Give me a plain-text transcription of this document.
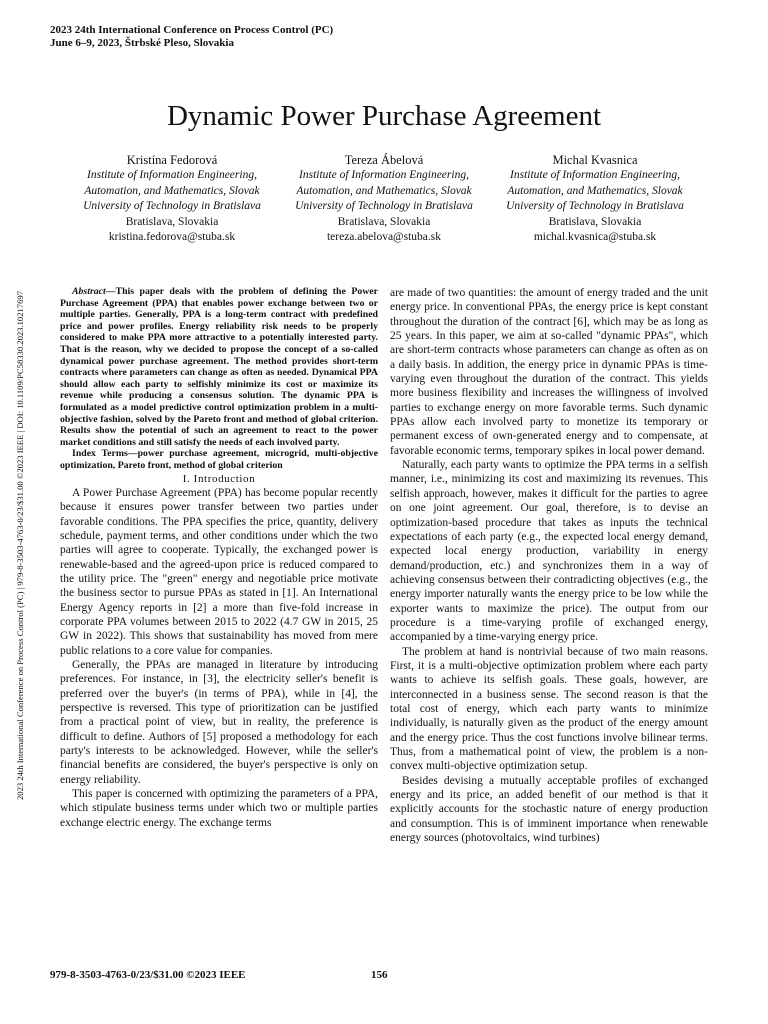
2023 24th International Conference on Process Control (PC)
June 6–9, 2023, Štrbské Pleso, Slovakia
2023 24th International Conference on Process Control (PC) | 979-8-3503-4763-0/23/$31.00 ©2023 IEEE | DOI: 10.1109/PC58330.2023.10217697
Dynamic Power Purchase Agreement
Kristína Fedorová
Institute of Information Engineering,
Automation, and Mathematics, Slovak
University of Technology in Bratislava
Bratislava, Slovakia
kristina.fedorova@stuba.sk
Tereza Ábelová
Institute of Information Engineering,
Automation, and Mathematics, Slovak
University of Technology in Bratislava
Bratislava, Slovakia
tereza.abelova@stuba.sk
Michal Kvasnica
Institute of Information Engineering,
Automation, and Mathematics, Slovak
University of Technology in Bratislava
Bratislava, Slovakia
michal.kvasnica@stuba.sk

Abstract—This paper deals with the problem of defining the Power Purchase Agreement (PPA) that enables power exchange between two or multiple parties. Generally, PPA is a long-term contract with predefined price and power profiles. Energy reliability risk needs to be properly considered to make PPA more attractive to a potentially interested party. That is the reason, why we decided to propose the concept of a so-called dynamical power purchase agreement. The method provides short-term contracts where parameters can change as often as needed. Dynamical PPA should allow each party to selfishly minimize its cost or maximize its revenue while producing a consensus solution. The dynamic PPA is formulated as a model predictive control optimization problem in a multi-objective fashion, solved by the Pareto front and method of global criterion. Results show the potential of such an agreement to react to the power market conditions and still satisfy the needs of each involved party.

Index Terms—power purchase agreement, microgrid, multi-objective optimization, Pareto front, method of global criterion

I. Introduction

A Power Purchase Agreement (PPA) has become popular recently because it ensures power transfer between two parties under favorable conditions. The PPA specifies the price, quantity, delivery schedule, payment terms, and other conditions under which the two parties will agree to cooperate. Typically, the exchanged power is renewable-based and the agreed-upon price is reduced compared to the utility price. The "green" energy and negotiable price motivate the business sector to pursue PPAs as stated in [1]. An International Energy Agency reports in [2] a more than five-fold increase in corporate PPA volumes between 2015 to 2022 (4.7 GW in 2015, 25 GW in 2022). This shows that sustainability has moved from mere public relations to a core value for companies.

Generally, the PPAs are managed in literature by introducing preferences. For instance, in [3], the electricity seller's benefit is preferred over the buyer's (in terms of PPA), while in [4], the perspective is reversed. This type of prioritization can be justified from a practical point of view, but in reality, the preference is difficult to define. Authors of [5] proposed a methodology for each party's interests to be acknowledged. However, while the seller's financial benefits are considered, the buyer's perspective is only on energy reliability.

This paper is concerned with optimizing the parameters of a PPA, which stipulate business terms under which two or multiple parties exchange electric energy. The exchange terms

are made of two quantities: the amount of energy traded and the unit energy price. In conventional PPAs, the energy price is kept constant throughout the duration of the contract [6], which may be as long as 25 years. In this paper, we aim at so-called "dynamic PPAs", which are short-term contracts whose parameters can change as often as on a daily basis. In addition, the energy price in dynamic PPAs is time-varying even throughout the duration of the contract. This yields more business flexibility and increases the willingness of involved parties to exchange energy on more favorable terms. Such dynamic PPAs allow each involved party to monetize its temporary or permanent excess of own-generated energy and to compensate, at favorable economic terms, temporary spikes in local power demand.

Naturally, each party wants to optimize the PPA terms in a selfish manner, i.e., minimizing its cost and maximizing its revenues. This selfish approach, however, makes it difficult for the parties to agree on one joint agreement. Our goal, therefore, is to devise an optimization-based procedure that takes as inputs the technical expectations of each party (e.g., the expected local energy demand, expected local energy production, variability in energy demand/production, etc.) and synchronizes them in a way of achieving consensus between their contradicting objectives (e.g., the energy importer naturally wants the energy price to be low while the exporter wants to maximize the price). The output from our procedure is a time-varying profile of exchanged energy, accompanied by a time-varying energy price.

The problem at hand is nontrivial because of two main reasons. First, it is a multi-objective optimization problem where each party wants to achieve its selfish goals. These goals, however, are interconnected in a business sense. The second reason is that the total cost of energy, which each party wants to minimize individually, is naturally given as the product of the energy amount and the energy price. Thus the cost functions involve bilinear terms. Thus, from a mathematical point of view, the problem is a non-convex multi-objective optimization setup.

Besides devising a mutually acceptable profiles of exchanged energy and its price, an added benefit of our method is that it explicitly accounts for the stochastic nature of energy production and consumption. This is of imminent importance when renewable energy sources (photovoltaics, wind turbines)

979-8-3503-4763-0/23/$31.00 ©2023 IEEE	156
